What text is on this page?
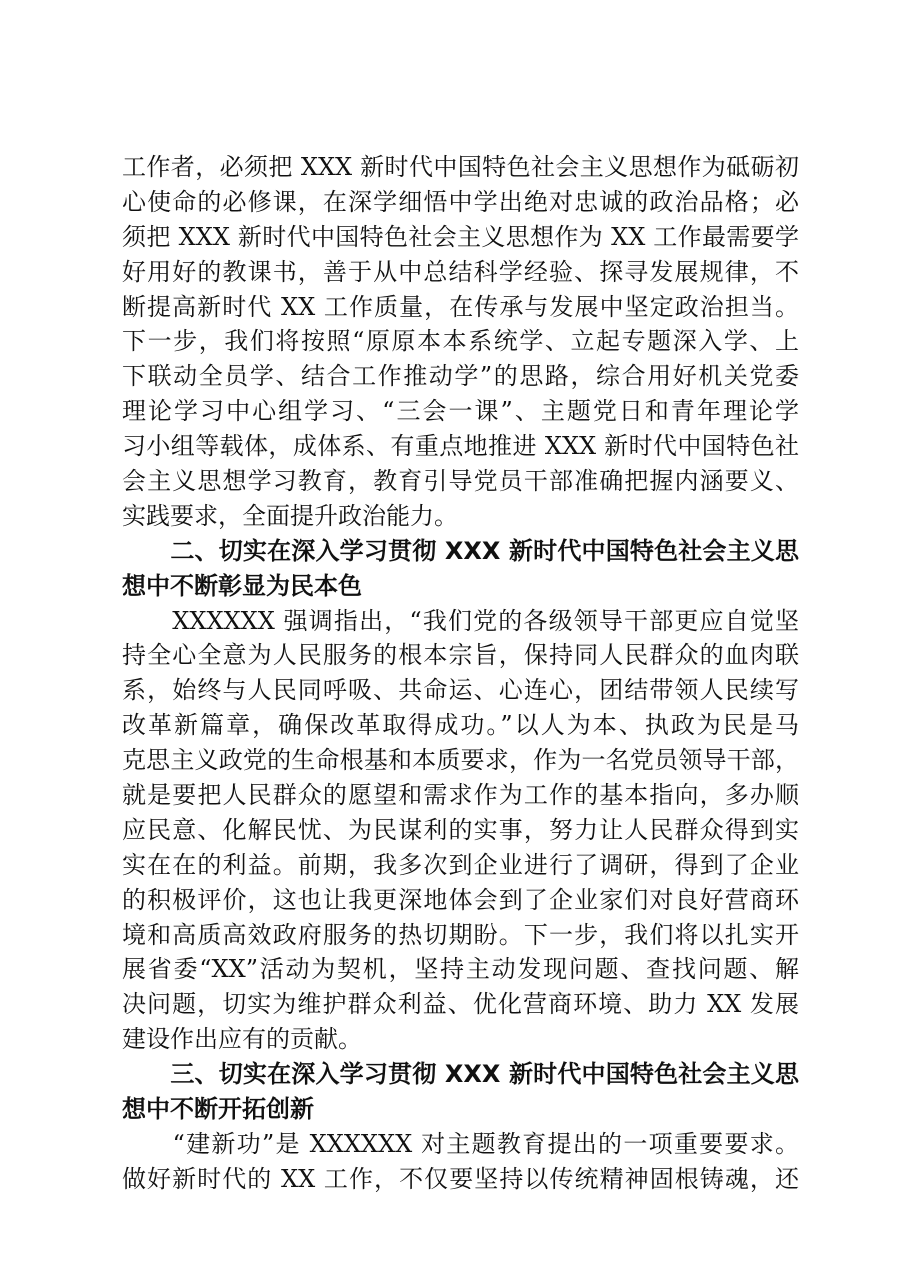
工作者，必须把 XXX 新时代中国特色社会主义思想作为砥砺初
心使命的必修课，在深学细悟中学出绝对忠诚的政治品格；必
须把 XXX 新时代中国特色社会主义思想作为 XX 工作最需要学
好用好的教课书，善于从中总结科学经验、探寻发展规律，不
断提高新时代 XX 工作质量，在传承与发展中坚定政治担当。
下一步，我们将按照“原原本本系统学、立起专题深入学、上
下联动全员学、结合工作推动学”的思路，综合用好机关党委
理论学习中心组学习、“三会一课”、主题党日和青年理论学
习小组等载体，成体系、有重点地推进 XXX 新时代中国特色社
会主义思想学习教育，教育引导党员干部准确把握内涵要义、
实践要求，全面提升政治能力。
　　二、切实在深入学习贯彻 XXX 新时代中国特色社会主义思
想中不断彰显为民本色
　　XXXXXX 强调指出，“我们党的各级领导干部更应自觉坚
持全心全意为人民服务的根本宗旨，保持同人民群众的血肉联
系，始终与人民同呼吸、共命运、心连心，团结带领人民续写
改革新篇章，确保改革取得成功。”以人为本、执政为民是马
克思主义政党的生命根基和本质要求，作为一名党员领导干部，
就是要把人民群众的愿望和需求作为工作的基本指向，多办顺
应民意、化解民忧、为民谋利的实事，努力让人民群众得到实
实在在的利益。前期，我多次到企业进行了调研，得到了企业
的积极评价，这也让我更深地体会到了企业家们对良好营商环
境和高质高效政府服务的热切期盼。下一步，我们将以扎实开
展省委“XX”活动为契机，坚持主动发现问题、查找问题、解
决问题，切实为维护群众利益、优化营商环境、助力 XX 发展
建设作出应有的贡献。
　　三、切实在深入学习贯彻 XXX 新时代中国特色社会主义思
想中不断开拓创新
　　“建新功”是 XXXXXX 对主题教育提出的一项重要要求。
做好新时代的 XX 工作，不仅要坚持以传统精神固根铸魂，还
